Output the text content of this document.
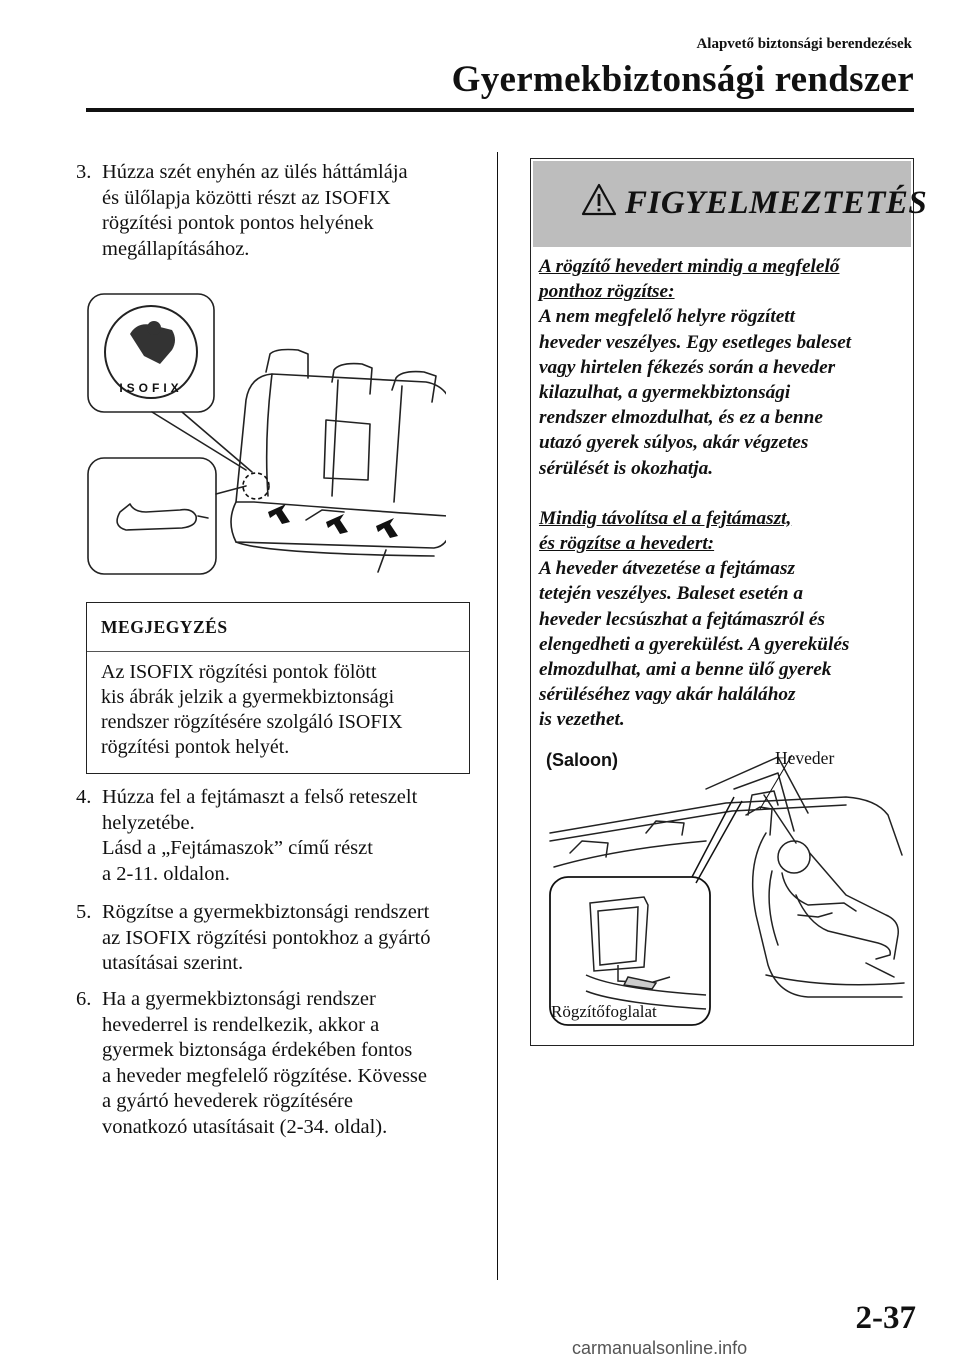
Alapvető biztonsági berendezések
Gyermekbiztonsági rendszer
3. Húzza szét enyhén az ülés háttámlája
és ülőlapja közötti részt az ISOFIX
rögzítési pontok pontos helyének
megállapításához.
ISOFIX
MEGJEGYZÉS
Az ISOFIX rögzítési pontok fölött
kis ábrák jelzik a gyermekbiztonsági
rendszer rögzítésére szolgáló ISOFIX
rögzítési pontok helyét.
4. Húzza fel a fejtámaszt a felső reteszelt
helyzetébe.
Lásd a „Fejtámaszok” című részt
a 2-11. oldalon.
5. Rögzítse a gyermekbiztonsági rendszert
az ISOFIX rögzítési pontokhoz a gyártó
utasításai szerint.
6. Ha a gyermekbiztonsági rendszer
hevederrel is rendelkezik, akkor a
gyermek biztonsága érdekében fontos
a heveder megfelelő rögzítése. Kövesse
a gyártó hevederek rögzítésére
vonatkozó utasításait (2-34. oldal).
FIGYELMEZTETÉS
A rögzítő hevedert mindig a megfelelő
ponthoz rögzítse:
A nem megfelelő helyre rögzített
heveder veszélyes. Egy esetleges baleset
vagy hirtelen fékezés során a heveder
kilazulhat, a gyermekbiztonsági
rendszer elmozdulhat, és ez a benne
utazó gyerek súlyos, akár végzetes
sérülését is okozhatja.
Mindig távolítsa el a fejtámaszt,
és rögzítse a hevedert:
A heveder átvezetése a fejtámasz
tetején veszélyes. Baleset esetén a
heveder lecsúszhat a fejtámaszról és
elengedheti a gyerekülést. A gyerekülés
elmozdulhat, ami a benne ülő gyerek
sérüléséhez vagy akár halálához
is vezethet.
(Saloon)	Heveder
Rögzítőfoglalat
2-37
carmanualsonline.info
